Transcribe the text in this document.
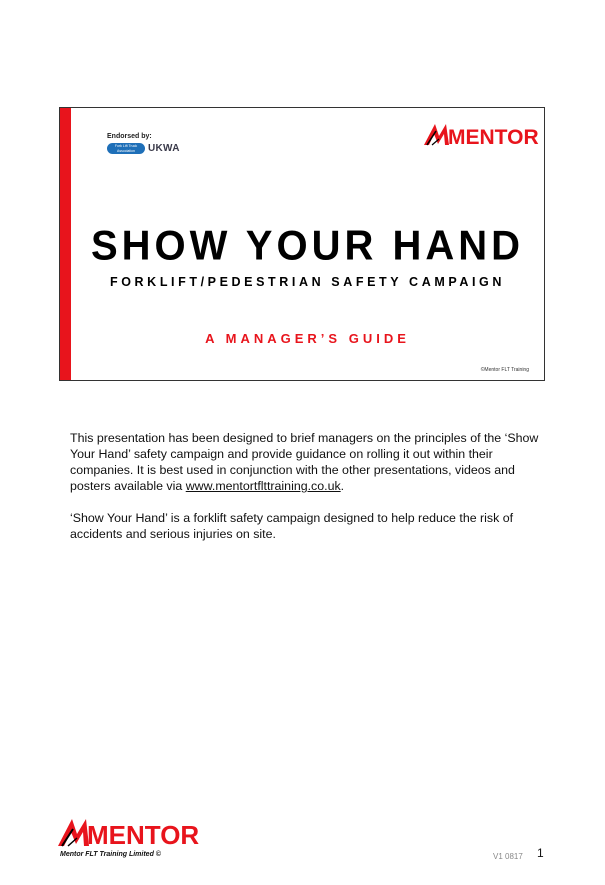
Endorsed by:
Fork Lift Truck Association	UKWA	MENTOR
SHOW YOUR HAND
FORKLIFT/PEDESTRIAN SAFETY CAMPAIGN
A MANAGER’S GUIDE
©Mentor FLT Training

This presentation has been designed to brief managers on the principles of the ‘Show Your Hand’ safety campaign and provide guidance on rolling it out within their companies. It is best used in conjunction with the other presentations, videos and posters available via www.mentortflttraining.co.uk.

‘Show Your Hand’ is a forklift safety campaign designed to help reduce the risk of accidents and serious injuries on site.

MENTOR
Mentor FLT Training Limited ©	V1 0817 1
